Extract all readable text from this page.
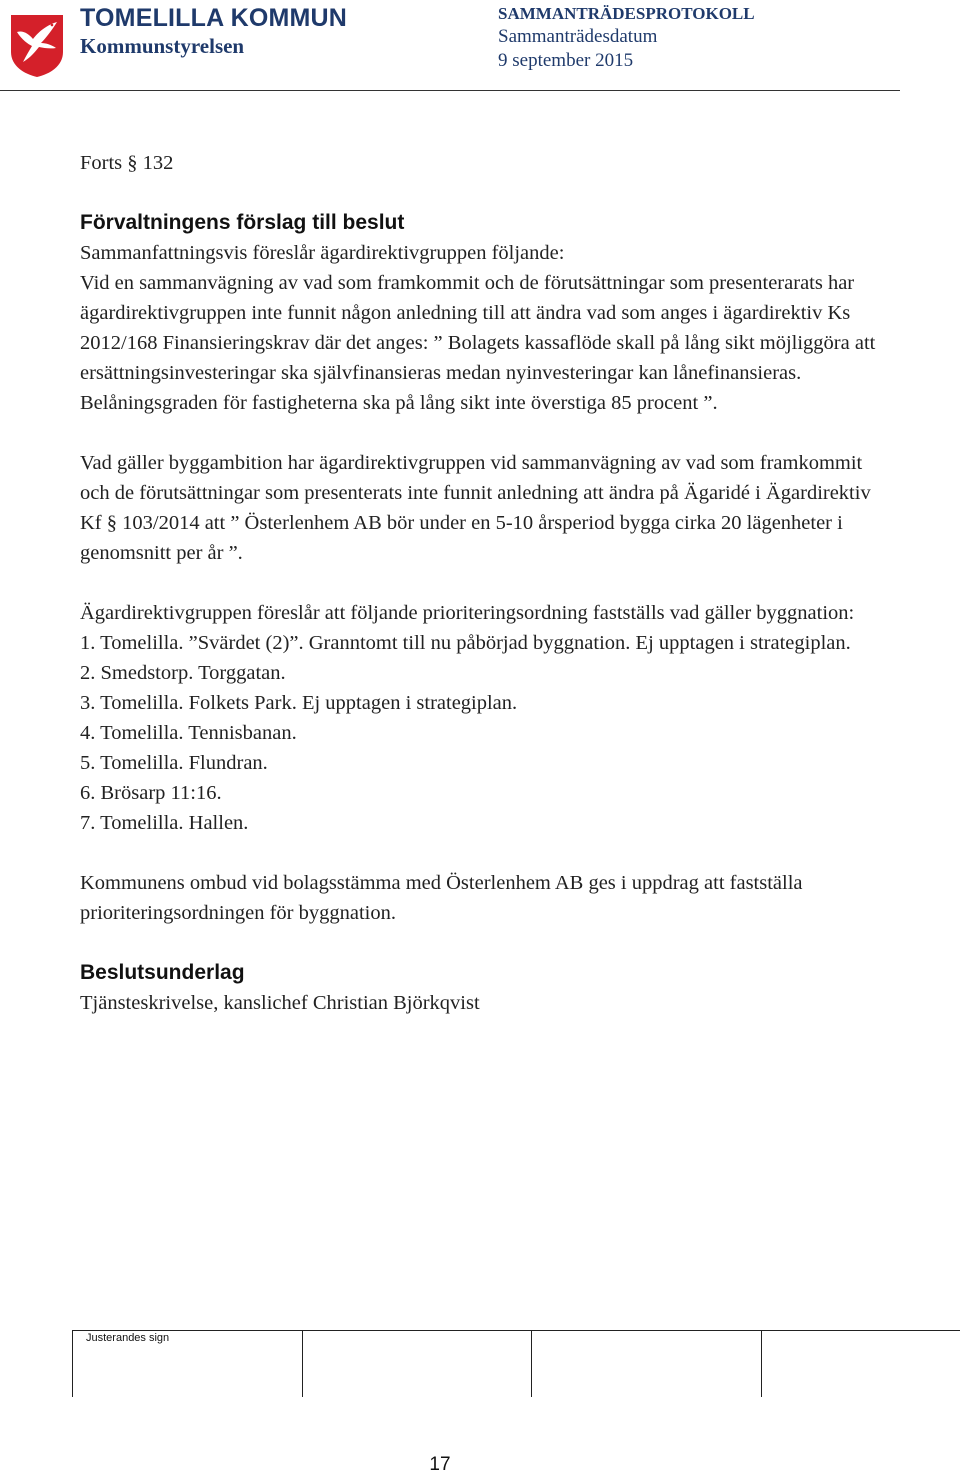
TOMELILLA KOMMUN
Kommunstyrelsen
SAMMANTRÄDESPROTOKOLL
Sammanträdesdatum
9 september 2015

Forts § 132

Förvaltningens förslag till beslut

Sammanfattningsvis föreslår ägardirektivgruppen följande:

Vid en sammanvägning av vad som framkommit och de förutsättningar som presenterarats har ägardirektivgruppen inte funnit någon anledning till att ändra vad som anges i ägardirektiv Ks 2012/168 Finansieringskrav där det anges: ” Bolagets kassaflöde skall på lång sikt möjliggöra att ersättningsinvesteringar ska självfinansieras medan nyinvesteringar kan lånefinansieras. Belåningsgraden för fastigheterna ska på lång sikt inte överstiga 85 procent ”.

Vad gäller byggambition har ägardirektivgruppen vid sammanvägning av vad som framkommit och de förutsättningar som presenterats inte funnit anledning att ändra på Ägaridé i Ägardirektiv Kf § 103/2014 att ” Österlenhem AB bör under en 5-10 årsperiod bygga cirka 20 lägenheter i genomsnitt per år ”.

Ägardirektivgruppen föreslår att följande prioriteringsordning fastställs vad gäller byggnation:

1. Tomelilla. ”Svärdet (2)”. Granntomt till nu påbörjad byggnation. Ej upptagen i strategiplan.
2. Smedstorp. Torggatan.
3. Tomelilla. Folkets Park. Ej upptagen i strategiplan.
4. Tomelilla. Tennisbanan.
5. Tomelilla. Flundran.
6. Brösarp 11:16.
7. Tomelilla. Hallen.

Kommunens ombud vid bolagsstämma med Österlenhem AB ges i uppdrag att fastställa prioriteringsordningen för byggnation.

Beslutsunderlag

Tjänsteskrivelse, kanslichef Christian Björkqvist

Justerandes sign
17
